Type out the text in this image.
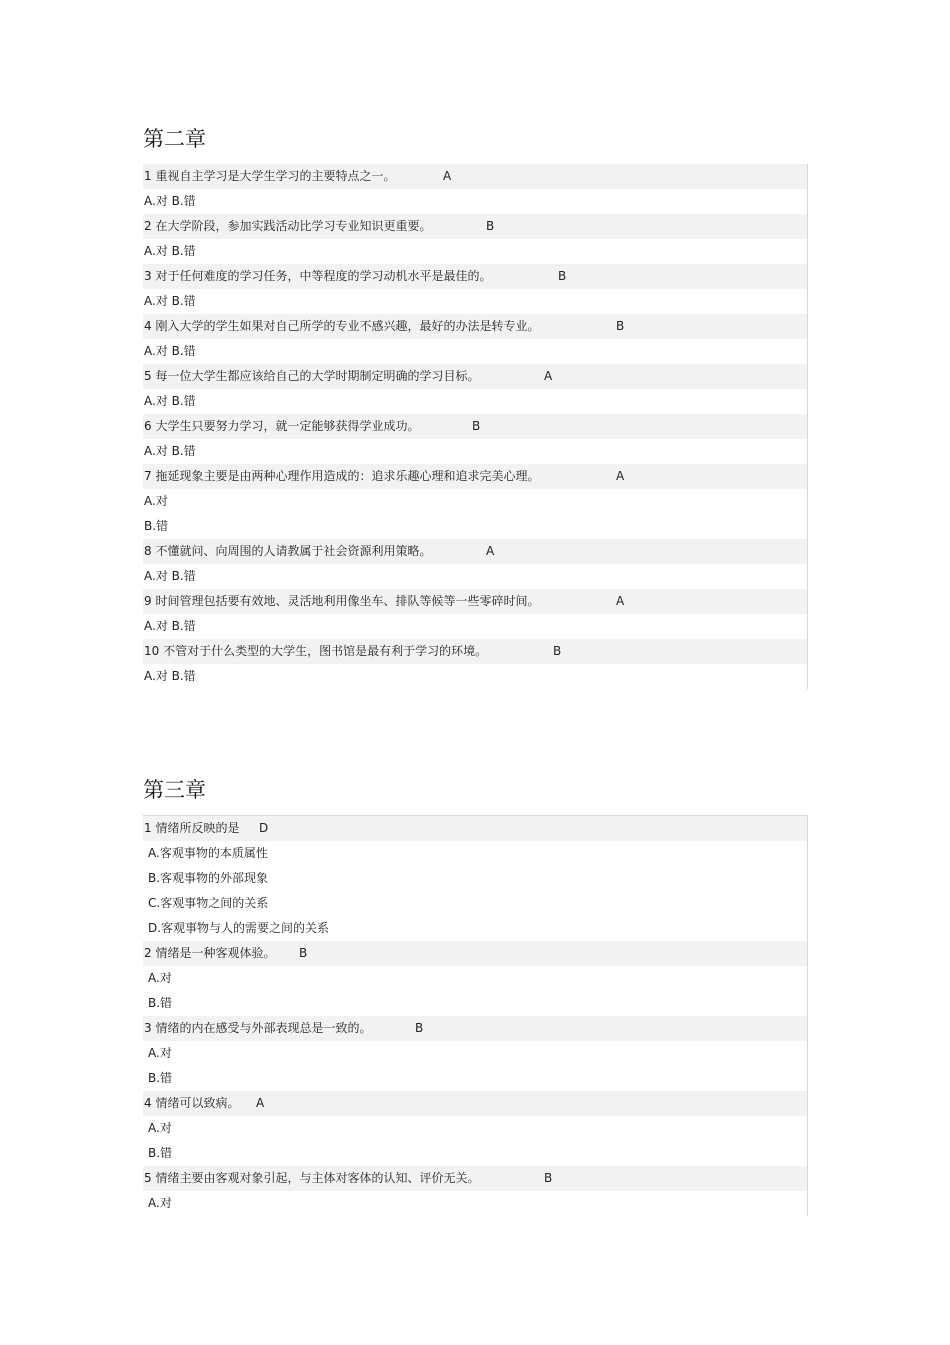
第二章
1 重视自主学习是大学生学习的主要特点之一。	A
A.对 B.错
2 在大学阶段，参加实践活动比学习专业知识更重要。	B
A.对 B.错
3 对于任何难度的学习任务，中等程度的学习动机水平是最佳的。	B
A.对 B.错
4 刚入大学的学生如果对自己所学的专业不感兴趣，最好的办法是转专业。	B
A.对 B.错
5 每一位大学生都应该给自己的大学时期制定明确的学习目标。	A
A.对 B.错
6 大学生只要努力学习，就一定能够获得学业成功。	B
A.对 B.错
7 拖延现象主要是由两种心理作用造成的：追求乐趣心理和追求完美心理。	A
A.对
B.错
8 不懂就问、向周围的人请教属于社会资源利用策略。	A
A.对 B.错
9 时间管理包括要有效地、灵活地利用像坐车、排队等候等一些零碎时间。	A
A.对 B.错
10 不管对于什么类型的大学生，图书馆是最有利于学习的环境。	B
A.对 B.错
第三章
1 情绪所反映的是 D
A.客观事物的本质属性
B.客观事物的外部现象
C.客观事物之间的关系
D.客观事物与人的需要之间的关系
2 情绪是一种客观体验。 B
A.对
B.错
3 情绪的内在感受与外部表现总是一致的。	B
A.对
B.错
4 情绪可以致病。 A
A.对
B.错
5 情绪主要由客观对象引起，与主体对客体的认知、评价无关。	B
A.对
